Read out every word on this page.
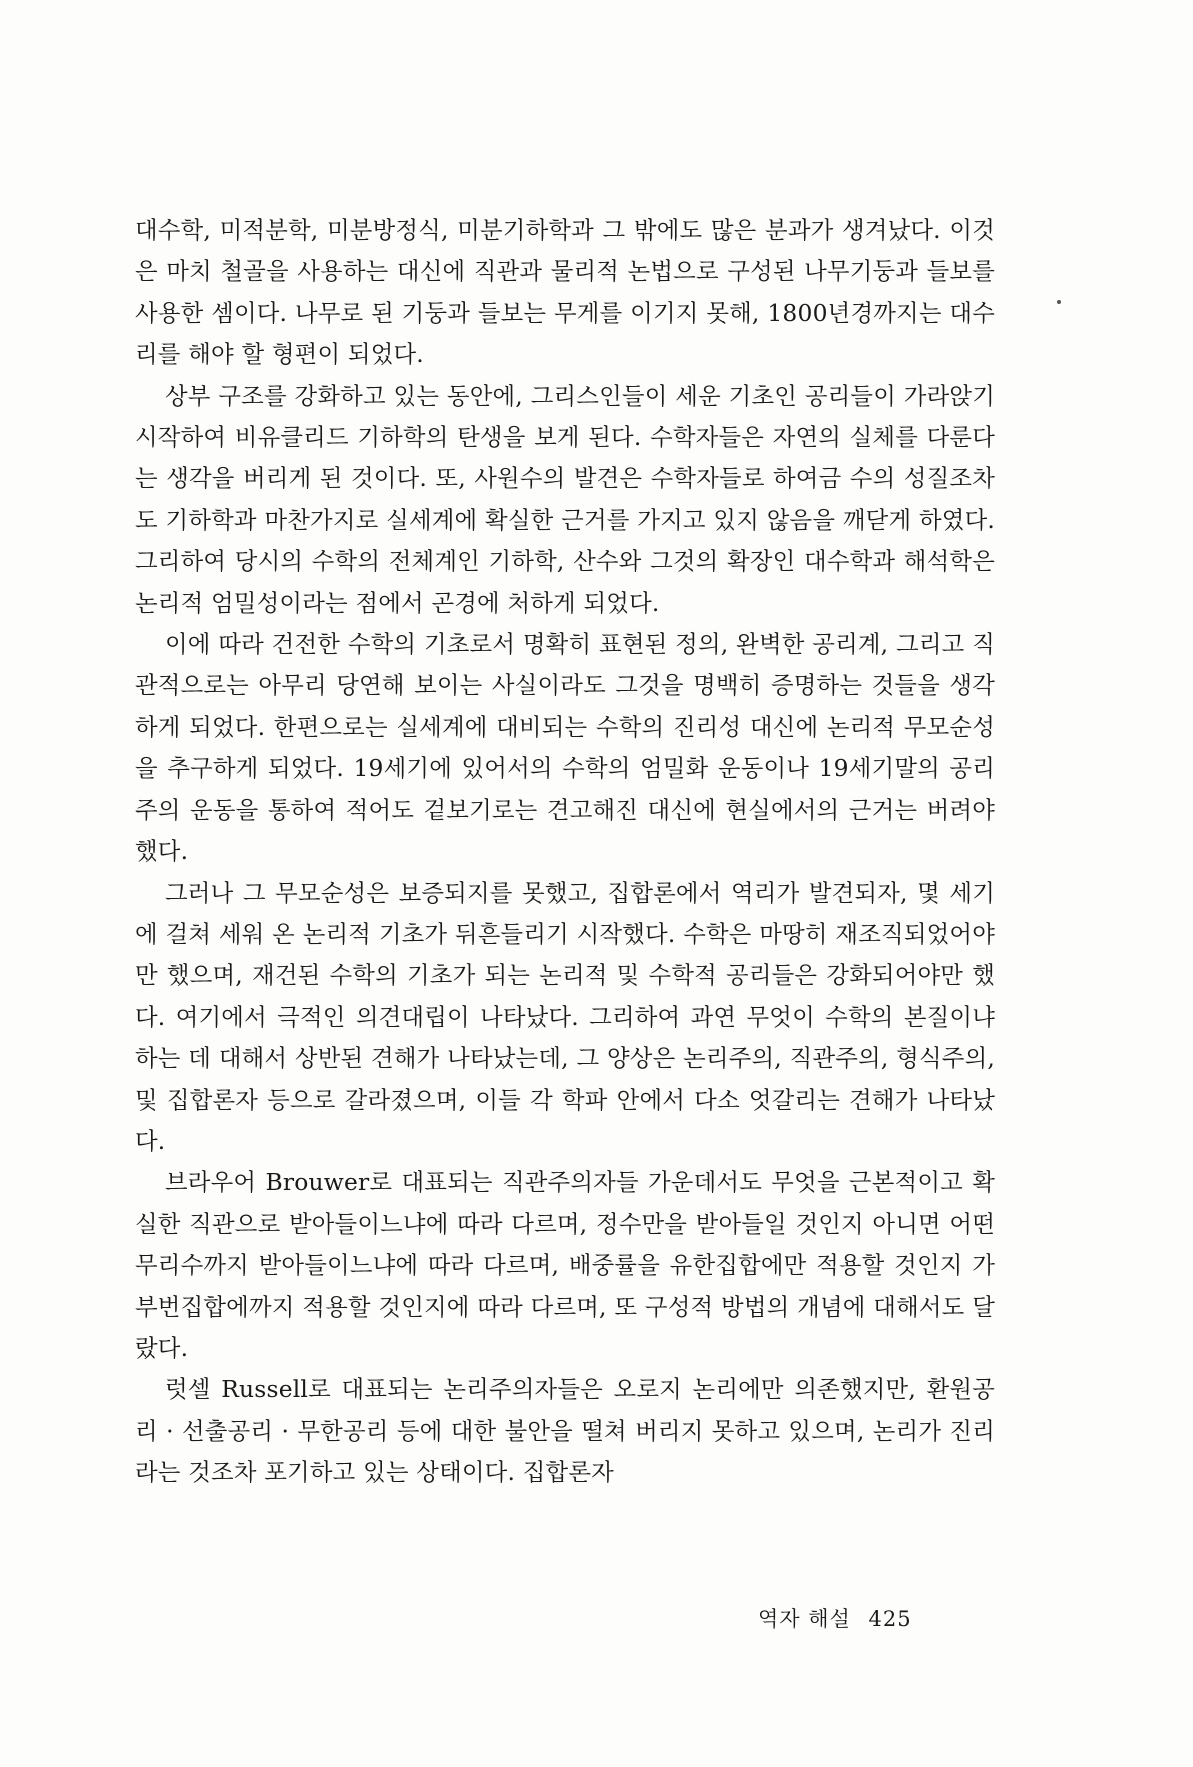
대수학, 미적분학, 미분방정식, 미분기하학과 그 밖에도 많은 분과가 생겨났다. 이것은 마치 철골을 사용하는 대신에 직관과 물리적 논법으로 구성된 나무기둥과 들보를 사용한 셈이다. 나무로 된 기둥과 들보는 무게를 이기지 못해, 1800년경까지는 대수리를 해야 할 형편이 되었다.

상부 구조를 강화하고 있는 동안에, 그리스인들이 세운 기초인 공리들이 가라앉기 시작하여 비유클리드 기하학의 탄생을 보게 된다. 수학자들은 자연의 실체를 다룬다는 생각을 버리게 된 것이다. 또, 사원수의 발견은 수학자들로 하여금 수의 성질조차도 기하학과 마찬가지로 실세계에 확실한 근거를 가지고 있지 않음을 깨닫게 하였다. 그리하여 당시의 수학의 전체계인 기하학, 산수와 그것의 확장인 대수학과 해석학은 논리적 엄밀성이라는 점에서 곤경에 처하게 되었다.

이에 따라 건전한 수학의 기초로서 명확히 표현된 정의, 완벽한 공리계, 그리고 직관적으로는 아무리 당연해 보이는 사실이라도 그것을 명백히 증명하는 것들을 생각하게 되었다. 한편으로는 실세계에 대비되는 수학의 진리성 대신에 논리적 무모순성을 추구하게 되었다. 19세기에 있어서의 수학의 엄밀화 운동이나 19세기말의 공리주의 운동을 통하여 적어도 겉보기로는 견고해진 대신에 현실에서의 근거는 버려야 했다.

그러나 그 무모순성은 보증되지를 못했고, 집합론에서 역리가 발견되자, 몇 세기에 걸쳐 세워 온 논리적 기초가 뒤흔들리기 시작했다. 수학은 마땅히 재조직되었어야만 했으며, 재건된 수학의 기초가 되는 논리적 및 수학적 공리들은 강화되어야만 했다. 여기에서 극적인 의견대립이 나타났다. 그리하여 과연 무엇이 수학의 본질이냐 하는 데 대해서 상반된 견해가 나타났는데, 그 양상은 논리주의, 직관주의, 형식주의, 및 집합론자 등으로 갈라졌으며, 이들 각 학파 안에서 다소 엇갈리는 견해가 나타났다.

브라우어 Brouwer로 대표되는 직관주의자들 가운데서도 무엇을 근본적이고 확실한 직관으로 받아들이느냐에 따라 다르며, 정수만을 받아들일 것인지 아니면 어떤 무리수까지 받아들이느냐에 따라 다르며, 배중률을 유한집합에만 적용할 것인지 가부번집합에까지 적용할 것인지에 따라 다르며, 또 구성적 방법의 개념에 대해서도 달랐다.

럿셀 Russell로 대표되는 논리주의자들은 오로지 논리에만 의존했지만, 환원공리 · 선출공리 · 무한공리 등에 대한 불안을 떨쳐 버리지 못하고 있으며, 논리가 진리라는 것조차 포기하고 있는 상태이다. 집합론자

역자 해설 425
